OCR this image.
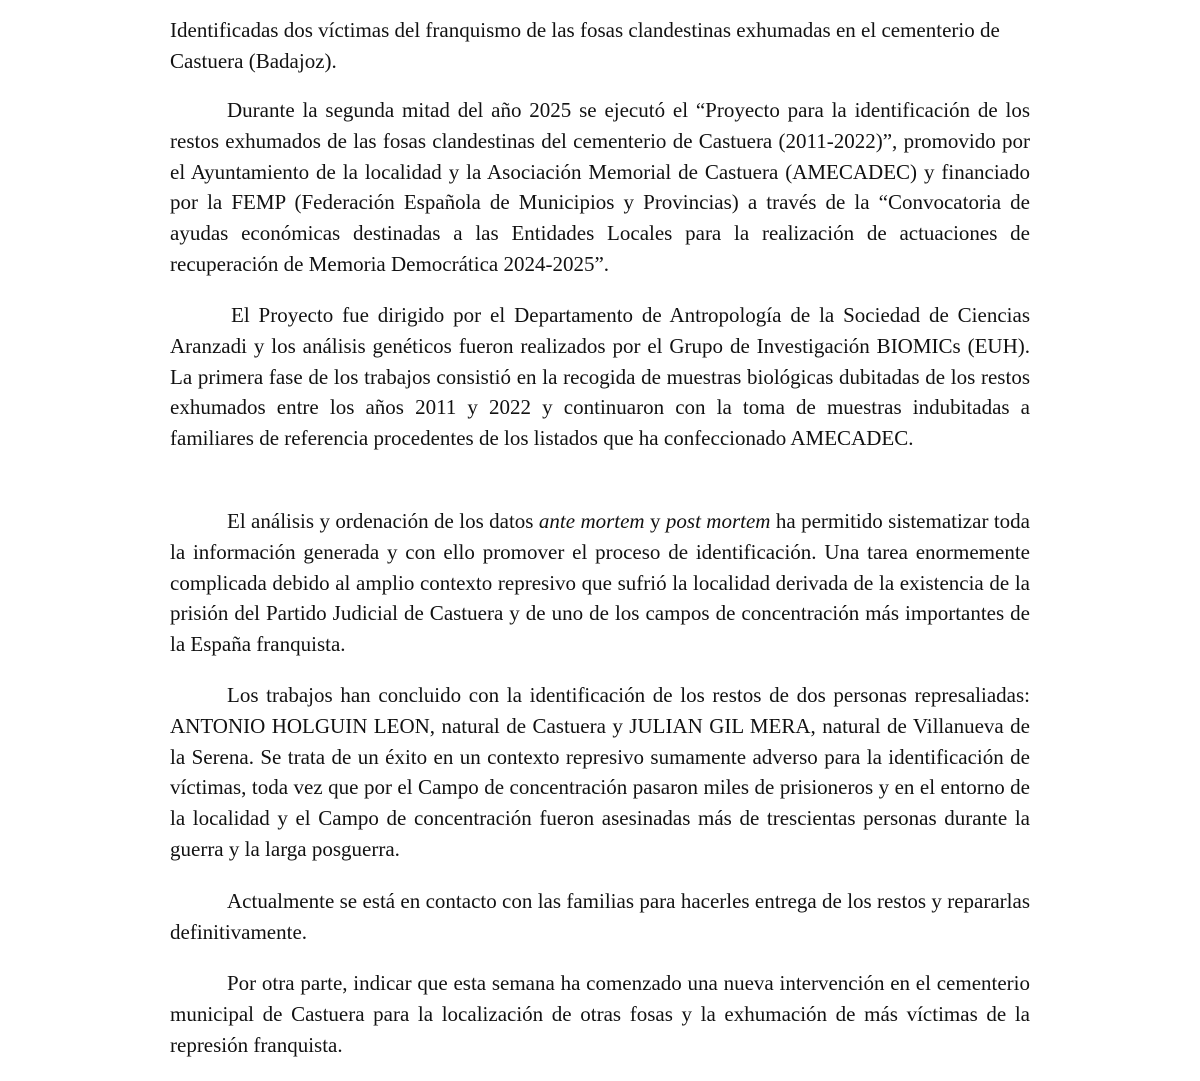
Identificadas dos víctimas del franquismo de las fosas clandestinas exhumadas en el cementerio de Castuera (Badajoz).

Durante la segunda mitad del año 2025 se ejecutó el “Proyecto para la identificación de los restos exhumados de las fosas clandestinas del cementerio de Castuera (2011-2022)”, promovido por el Ayuntamiento de la localidad y la Asociación Memorial de Castuera (AMECADEC) y financiado por la FEMP (Federación Española de Municipios y Provincias) a través de la “Convocatoria de ayudas económicas destinadas a las Entidades Locales para la realización de actuaciones de recuperación de Memoria Democrática 2024-2025”.

El Proyecto fue dirigido por el Departamento de Antropología de la Sociedad de Ciencias Aranzadi y los análisis genéticos fueron realizados por el Grupo de Investigación BIOMICs (EUH). La primera fase de los trabajos consistió en la recogida de muestras biológicas dubitadas de los restos exhumados entre los años 2011 y 2022 y continuaron con la toma de muestras indubitadas a familiares de referencia procedentes de los listados que ha confeccionado AMECADEC.

El análisis y ordenación de los datos ante mortem y post mortem ha permitido sistematizar toda la información generada y con ello promover el proceso de identificación. Una tarea enormemente complicada debido al amplio contexto represivo que sufrió la localidad derivada de la existencia de la prisión del Partido Judicial de Castuera y de uno de los campos de concentración más importantes de la España franquista.

Los trabajos han concluido con la identificación de los restos de dos personas represaliadas: ANTONIO HOLGUIN LEON, natural de Castuera y JULIAN GIL MERA, natural de Villanueva de la Serena. Se trata de un éxito en un contexto represivo sumamente adverso para la identificación de víctimas, toda vez que por el Campo de concentración pasaron miles de prisioneros y en el entorno de la localidad y el Campo de concentración fueron asesinadas más de trescientas personas durante la guerra y la larga posguerra.

Actualmente se está en contacto con las familias para hacerles entrega de los restos y repararlas definitivamente.

Por otra parte, indicar que esta semana ha comenzado una nueva intervención en el cementerio municipal de Castuera para la localización de otras fosas y la exhumación de más víctimas de la represión franquista.
